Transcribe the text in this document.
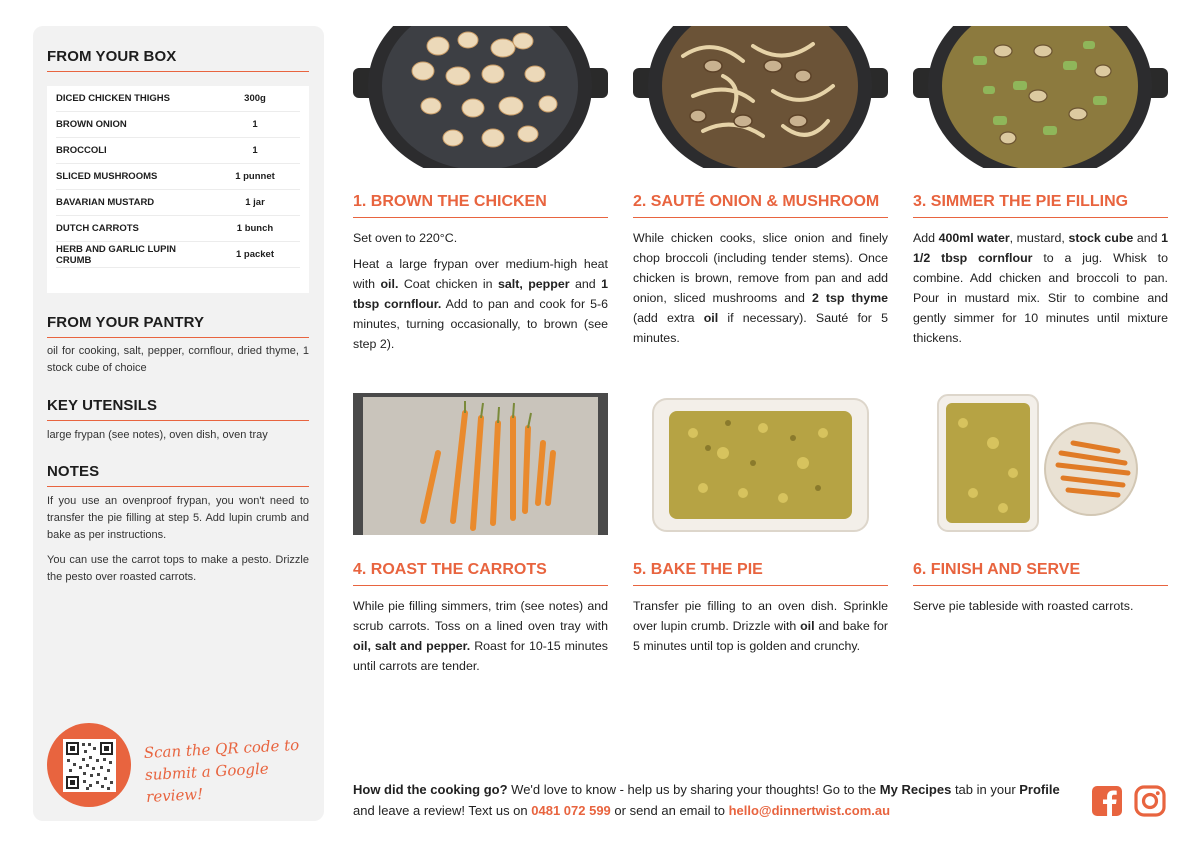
FROM YOUR BOX
DICED CHICKEN THIGHS	300g
BROWN ONION	1
BROCCOLI	1
SLICED MUSHROOMS	1 punnet
BAVARIAN MUSTARD	1 jar
DUTCH CARROTS	1 bunch
HERB AND GARLIC LUPIN CRUMB	1 packet
FROM YOUR PANTRY
oil for cooking, salt, pepper, cornflour, dried thyme, 1 stock cube of choice
KEY UTENSILS
large frypan (see notes), oven dish, oven tray
NOTES

If you use an ovenproof frypan, you won't need to transfer the pie filling at step 5. Add lupin crumb and bake as per instructions.

You can use the carrot tops to make a pesto. Drizzle the pesto over roasted carrots.

Scan the QR code to
submit a Google review!
1. BROWN THE CHICKEN	2. SAUTÉ ONION & MUSHROOM	3. SIMMER THE PIE FILLING
4. ROAST THE CARROTS	5. BAKE THE PIE	6. FINISH AND SERVE

Set oven to 220°C.

Heat a large frypan over medium-high heat with oil. Coat chicken in salt, pepper and 1 tbsp cornflour. Add to pan and cook for 5-6 minutes, turning occasionally, to brown (see step 2).

While chicken cooks, slice onion and finely chop broccoli (including tender stems). Once chicken is brown, remove from pan and add onion, sliced mushrooms and 2 tsp thyme (add extra oil if necessary). Sauté for 5 minutes.

Add 400ml water, mustard, stock cube and 1 1/2 tbsp cornflour to a jug. Whisk to combine. Add chicken and broccoli to pan. Pour in mustard mix. Stir to combine and gently simmer for 10 minutes until mixture thickens.

While pie filling simmers, trim (see notes) and scrub carrots. Toss on a lined oven tray with oil, salt and pepper. Roast for 10-15 minutes until carrots are tender.

Transfer pie filling to an oven dish. Sprinkle over lupin crumb. Drizzle with oil and bake for 5 minutes until top is golden and crunchy.

Serve pie tableside with roasted carrots.

How did the cooking go? We'd love to know - help us by sharing your thoughts! Go to the My Recipes tab in your Profile and leave a review! Text us on 0481 072 599 or send an email to hello@dinnertwist.com.au
